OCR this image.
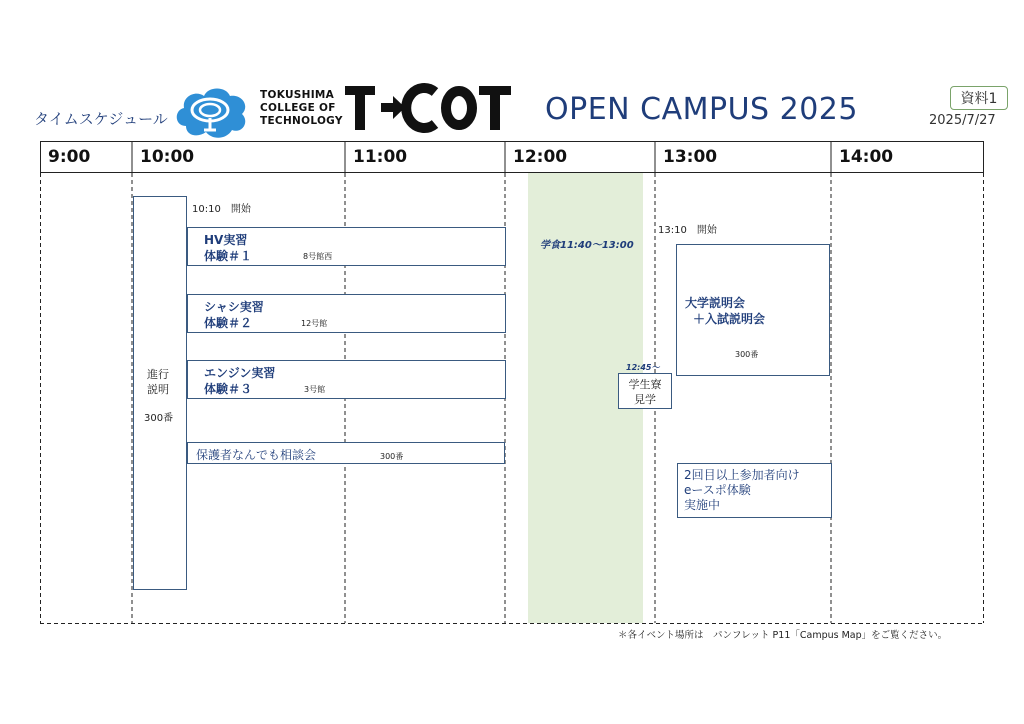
タイムスケジュール
TOKUSHIMA
COLLEGE OF
TECHNOLOGY	OPEN CAMPUS 2025	資料1
2025/7/27
9:00	10:00	11:00	12:00	13:00	14:00
進行
説明
300番
10:10　開始
HV実習
体験＃１	8号館西
シャシ実習
体験＃２	12号館
エンジン実習
体験＃３	3号館
保護者なんでも相談会	300番
学食11:40～13:00
12:45～
学生寮
見学
13:10　開始
大学説明会
＋入試説明会
300番
2回目以上参加者向け
eースポ体験
実施中
＊各イベント場所は　パンフレット P11「Campus Map」をご覧ください。
